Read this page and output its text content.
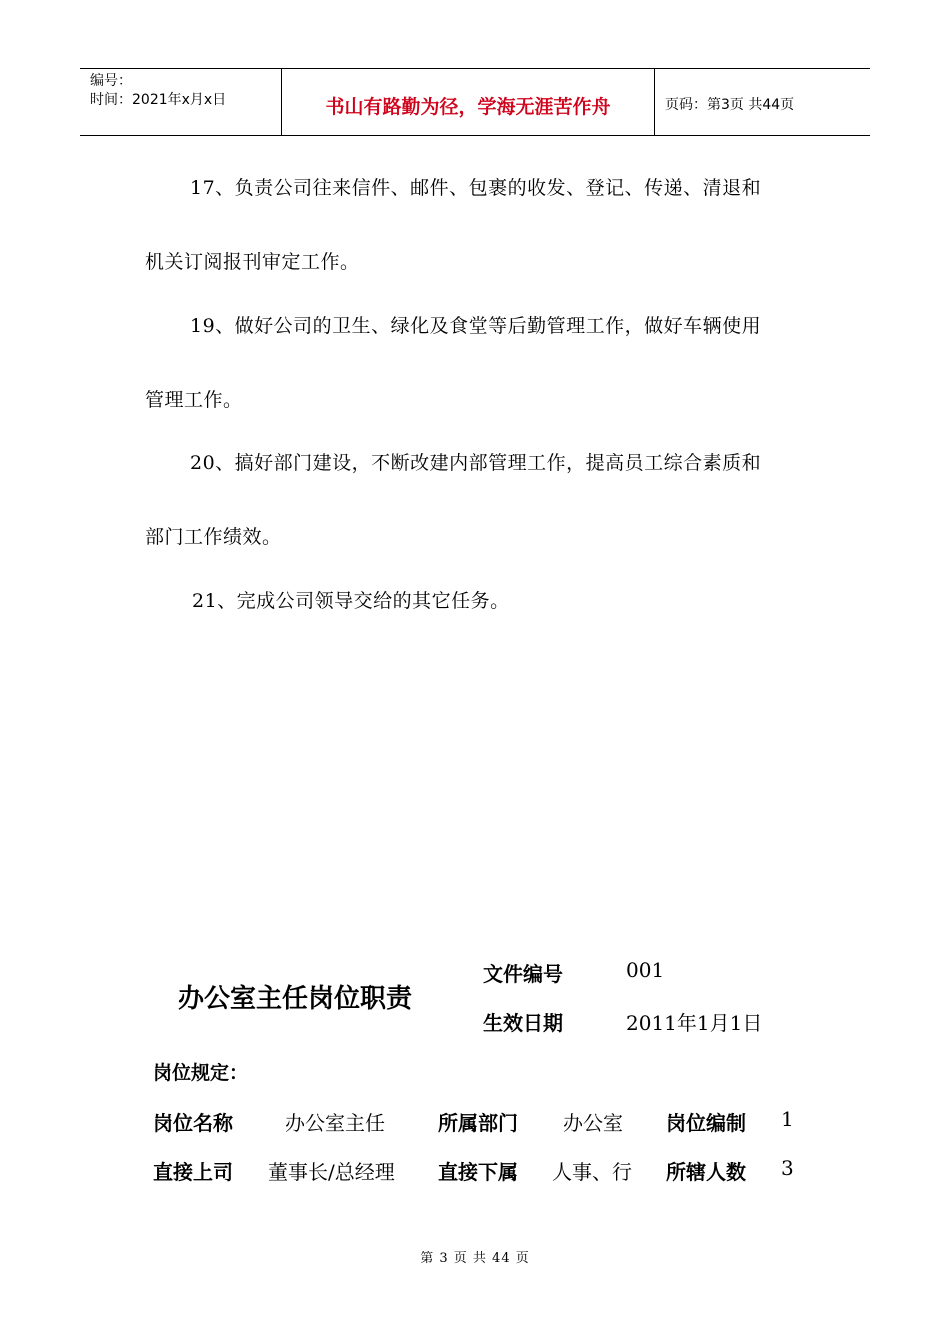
编号：
时间：2021年x月x日	书山有路勤为径，学海无涯苦作舟	页码：第3页 共44页
17、负责公司往来信件、邮件、包裹的收发、登记、传递、清退和
机关订阅报刊审定工作。
19、做好公司的卫生、绿化及食堂等后勤管理工作，做好车辆使用
管理工作。
20、搞好部门建设，不断改建内部管理工作，提高员工综合素质和
部门工作绩效。
21、完成公司领导交给的其它任务。
办公室主任岗位职责
文件编号	001
生效日期	2011年1月1日
岗位规定：
岗位名称	办公室主任	所属部门 办公室 岗位编制 1
直接上司 董事长/总经理 直接下属 人事、行 所辖人数 3
第 3 页 共 44 页
